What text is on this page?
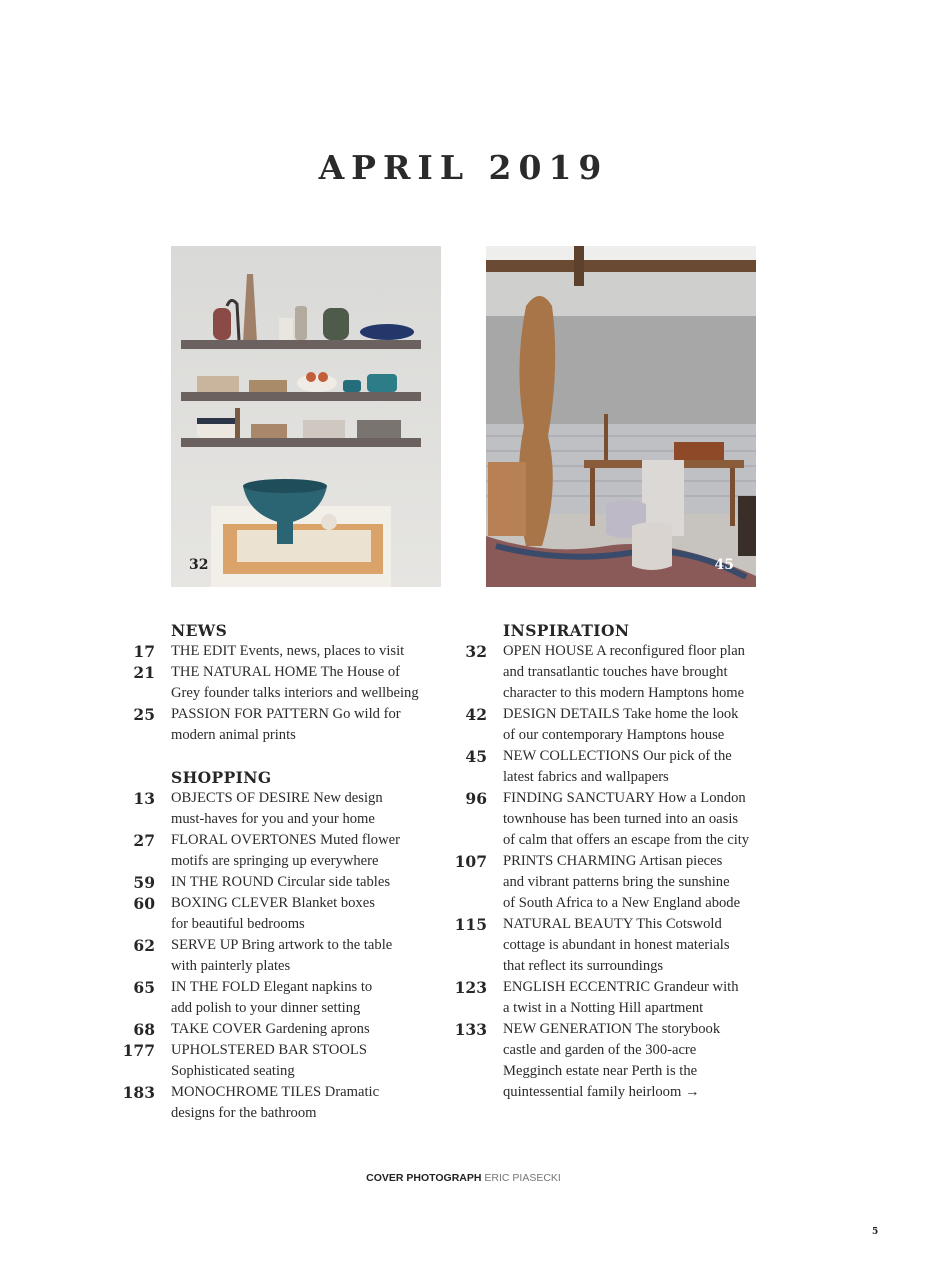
APRIL 2019
32	45
NEWS
17 THE EDIT Events, news, places to visit
21 THE NATURAL HOME The House of
Grey founder talks interiors and wellbeing
25 PASSION FOR PATTERN Go wild for
modern animal prints
SHOPPING
13 OBJECTS OF DESIRE New design
must-haves for you and your home
27 FLORAL OVERTONES Muted flower
motifs are springing up everywhere
59 IN THE ROUND Circular side tables
60 BOXING CLEVER Blanket boxes
for beautiful bedrooms
62 SERVE UP Bring artwork to the table
with painterly plates
65 IN THE FOLD Elegant napkins to
add polish to your dinner setting
68 TAKE COVER Gardening aprons
177 UPHOLSTERED BAR STOOLS
Sophisticated seating
183 MONOCHROME TILES Dramatic
designs for the bathroom
INSPIRATION
32 OPEN HOUSE A reconfigured floor plan
and transatlantic touches have brought
character to this modern Hamptons home
42 DESIGN DETAILS Take home the look
of our contemporary Hamptons house
45 NEW COLLECTIONS Our pick of the
latest fabrics and wallpapers
96 FINDING SANCTUARY How a London
townhouse has been turned into an oasis
of calm that offers an escape from the city
107 PRINTS CHARMING Artisan pieces
and vibrant patterns bring the sunshine
of South Africa to a New England abode
115 NATURAL BEAUTY This Cotswold
cottage is abundant in honest materials
that reflect its surroundings
123 ENGLISH ECCENTRIC Grandeur with
a twist in a Notting Hill apartment
133 NEW GENERATION The storybook
castle and garden of the 300-acre
Megginch estate near Perth is the
quintessential family heirloom →
COVER PHOTOGRAPH ERIC PIASECKI
5
